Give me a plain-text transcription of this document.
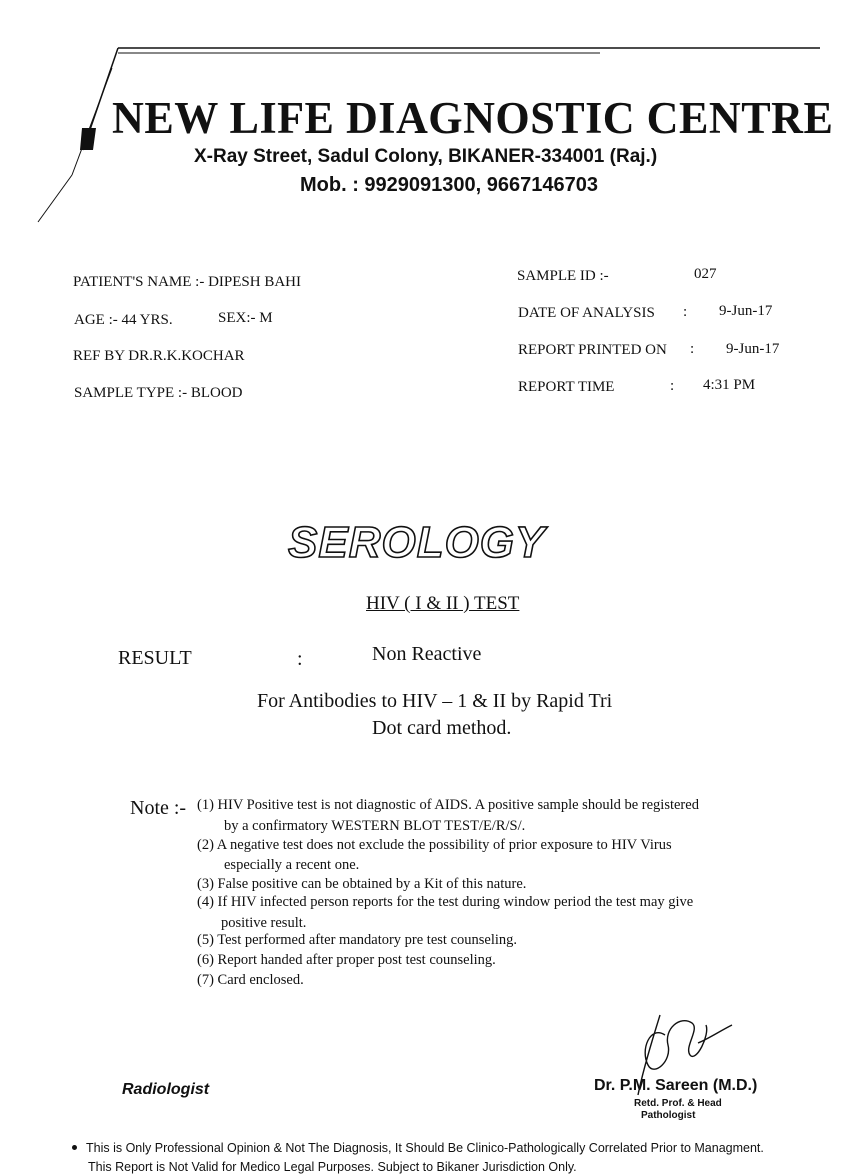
NEW LIFE DIAGNOSTIC CENTRE
X-Ray Street, Sadul Colony, BIKANER-334001 (Raj.)
Mob. : 9929091300, 9667146703
PATIENT'S NAME :- DIPESH BAHI
AGE :- 44 YRS.	SEX:- M
REF BY DR.R.K.KOCHAR
SAMPLE TYPE :- BLOOD
SAMPLE ID :-	027
DATE OF ANALYSIS : 9-Jun-17
REPORT PRINTED ON : 9-Jun-17
REPORT TIME	: 4:31 PM
SEROLOGY
HIV ( I & II ) TEST
RESULT	:	Non Reactive
For Antibodies to HIV – 1 & II by Rapid Tri
Dot card method.
Note :- (1) HIV Positive test is not diagnostic of AIDS. A positive sample should be registered
by a confirmatory WESTERN BLOT TEST/E/R/S/.
(2) A negative test does not exclude the possibility of prior exposure to HIV Virus
especially a recent one.
(3) False positive can be obtained by a Kit of this nature.
(4) If HIV infected person reports for the test during window period the test may give
positive result.
(5) Test performed after mandatory pre test counseling.
(6) Report handed after proper post test counseling.
(7) Card enclosed.
Radiologist	Dr. P.M. Sareen (M.D.)
Retd. Prof. & Head
Pathologist
This is Only Professional Opinion & Not The Diagnosis, It Should Be Clinico-Pathologically Correlated Prior to Managment.
This Report is Not Valid for Medico Legal Purposes. Subject to Bikaner Jurisdiction Only.
